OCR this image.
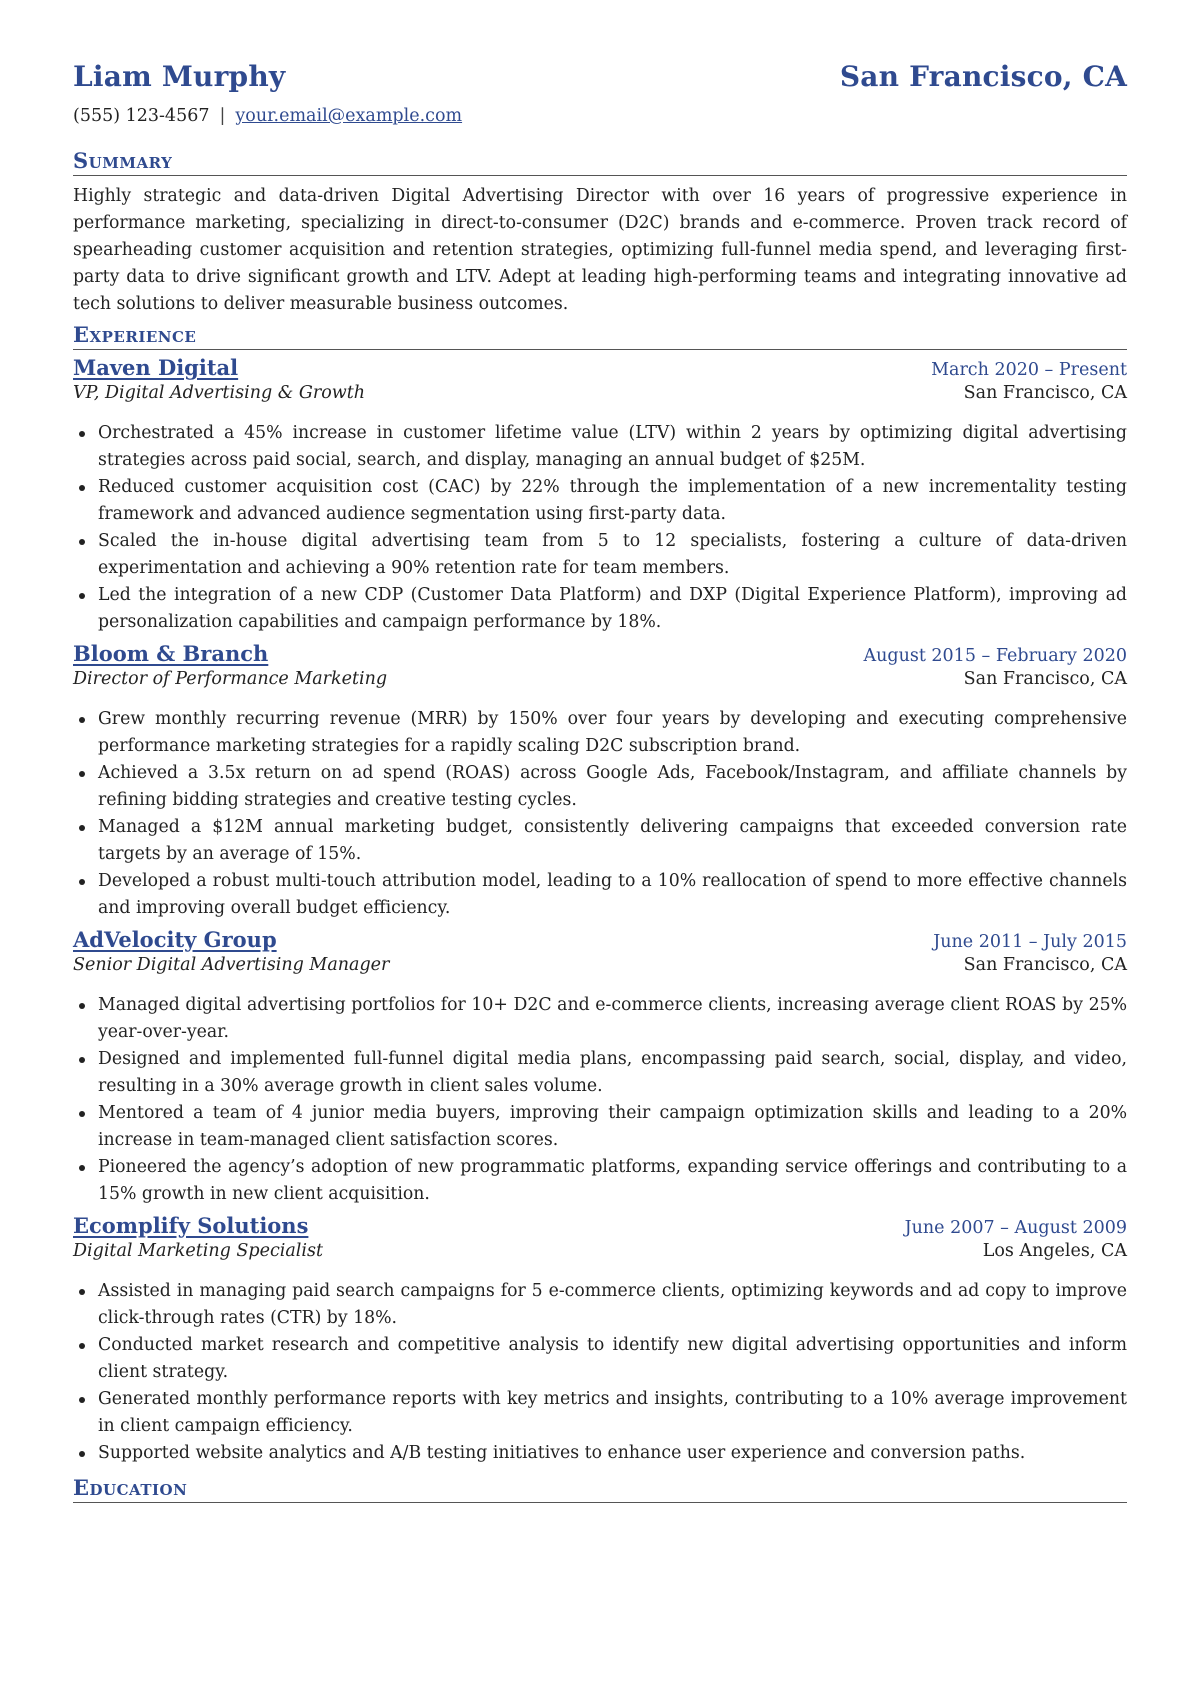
Liam Murphy	San Francisco, CA
(555) 123-4567 | your.email@example.com
Summary
Highly strategic and data-driven Digital Advertising Director with over 16 years of progressive experience in performance marketing, specializing in direct-to-consumer (D2C) brands and e-commerce. Proven track record of spearheading customer acquisition and retention strategies, optimizing full-funnel media spend, and leveraging first-party data to drive significant growth and LTV. Adept at leading high-performing teams and integrating innovative ad tech solutions to deliver measurable business outcomes.
Experience
Maven Digital	March 2020 – Present
VP, Digital Advertising & Growth	San Francisco, CA
Orchestrated a 45% increase in customer lifetime value (LTV) within 2 years by optimizing digital advertising strategies across paid social, search, and display, managing an annual budget of $25M.
Reduced customer acquisition cost (CAC) by 22% through the implementation of a new incrementality testing framework and advanced audience segmentation using first-party data.
Scaled the in-house digital advertising team from 5 to 12 specialists, fostering a culture of data-driven experimentation and achieving a 90% retention rate for team members.
Led the integration of a new CDP (Customer Data Platform) and DXP (Digital Experience Platform), improving ad personalization capabilities and campaign performance by 18%.
Bloom & Branch	August 2015 – February 2020
Director of Performance Marketing	San Francisco, CA
Grew monthly recurring revenue (MRR) by 150% over four years by developing and executing comprehensive performance marketing strategies for a rapidly scaling D2C subscription brand.
Achieved a 3.5x return on ad spend (ROAS) across Google Ads, Facebook/Instagram, and affiliate channels by refining bidding strategies and creative testing cycles.
Managed a $12M annual marketing budget, consistently delivering campaigns that exceeded conversion rate targets by an average of 15%.
Developed a robust multi-touch attribution model, leading to a 10% reallocation of spend to more effective channels and improving overall budget efficiency.
AdVelocity Group	June 2011 – July 2015
Senior Digital Advertising Manager	San Francisco, CA
Managed digital advertising portfolios for 10+ D2C and e-commerce clients, increasing average client ROAS by 25% year-over-year.
Designed and implemented full-funnel digital media plans, encompassing paid search, social, display, and video, resulting in a 30% average growth in client sales volume.
Mentored a team of 4 junior media buyers, improving their campaign optimization skills and leading to a 20% increase in team-managed client satisfaction scores.
Pioneered the agency’s adoption of new programmatic platforms, expanding service offerings and contributing to a 15% growth in new client acquisition.
Ecomplify Solutions	June 2007 – August 2009
Digital Marketing Specialist	Los Angeles, CA
Assisted in managing paid search campaigns for 5 e-commerce clients, optimizing keywords and ad copy to improve click-through rates (CTR) by 18%.
Conducted market research and competitive analysis to identify new digital advertising opportunities and inform client strategy.
Generated monthly performance reports with key metrics and insights, contributing to a 10% average improvement in client campaign efficiency.
Supported website analytics and A/B testing initiatives to enhance user experience and conversion paths.
Education
